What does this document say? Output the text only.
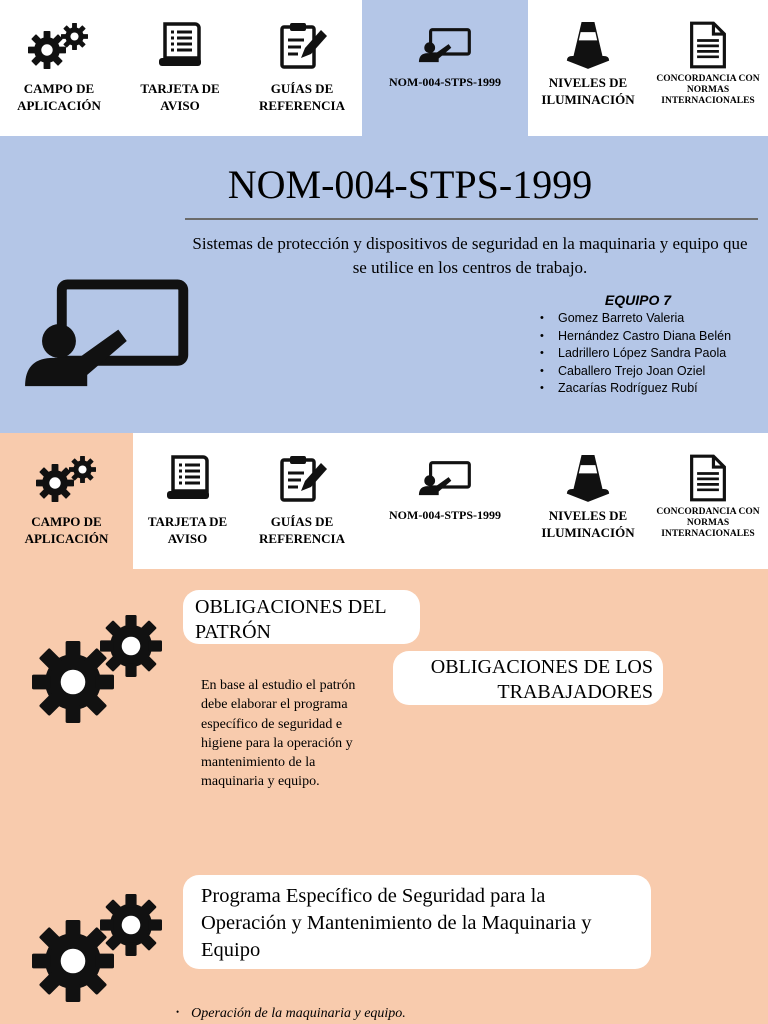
CAMPO DE APLICACIÓN
TARJETA DE AVISO
GUÍAS DE REFERENCIA
NOM-004-STPS-1999	NIVELES DE ILUMINACIÓN
CONCORDANCIA CON NORMAS INTERNACIONALES
NOM-004-STPS-1999
Sistemas de protección y dispositivos de seguridad en la maquinaria y equipo que se utilice en los centros de trabajo.
EQUIPO 7
• Gomez Barreto Valeria
• Hernández Castro Diana Belén
• Ladrillero López Sandra Paola
• Caballero Trejo Joan Oziel
• Zacarías Rodríguez Rubí
CAMPO DE APLICACIÓN
TARJETA DE AVISO
GUÍAS DE REFERENCIA
NOM-004-STPS-1999	NIVELES DE ILUMINACIÓN
CONCORDANCIA CON NORMAS INTERNACIONALES
OBLIGACIONES DEL PATRÓN
OBLIGACIONES DE LOS TRABAJADORES
En base al estudio el patrón debe elaborar el programa específico de seguridad e higiene para la operación y mantenimiento de la maquinaria y equipo.
Programa Específico de Seguridad para la Operación y Mantenimiento de la Maquinaria y Equipo
• Operación de la maquinaria y equipo.
